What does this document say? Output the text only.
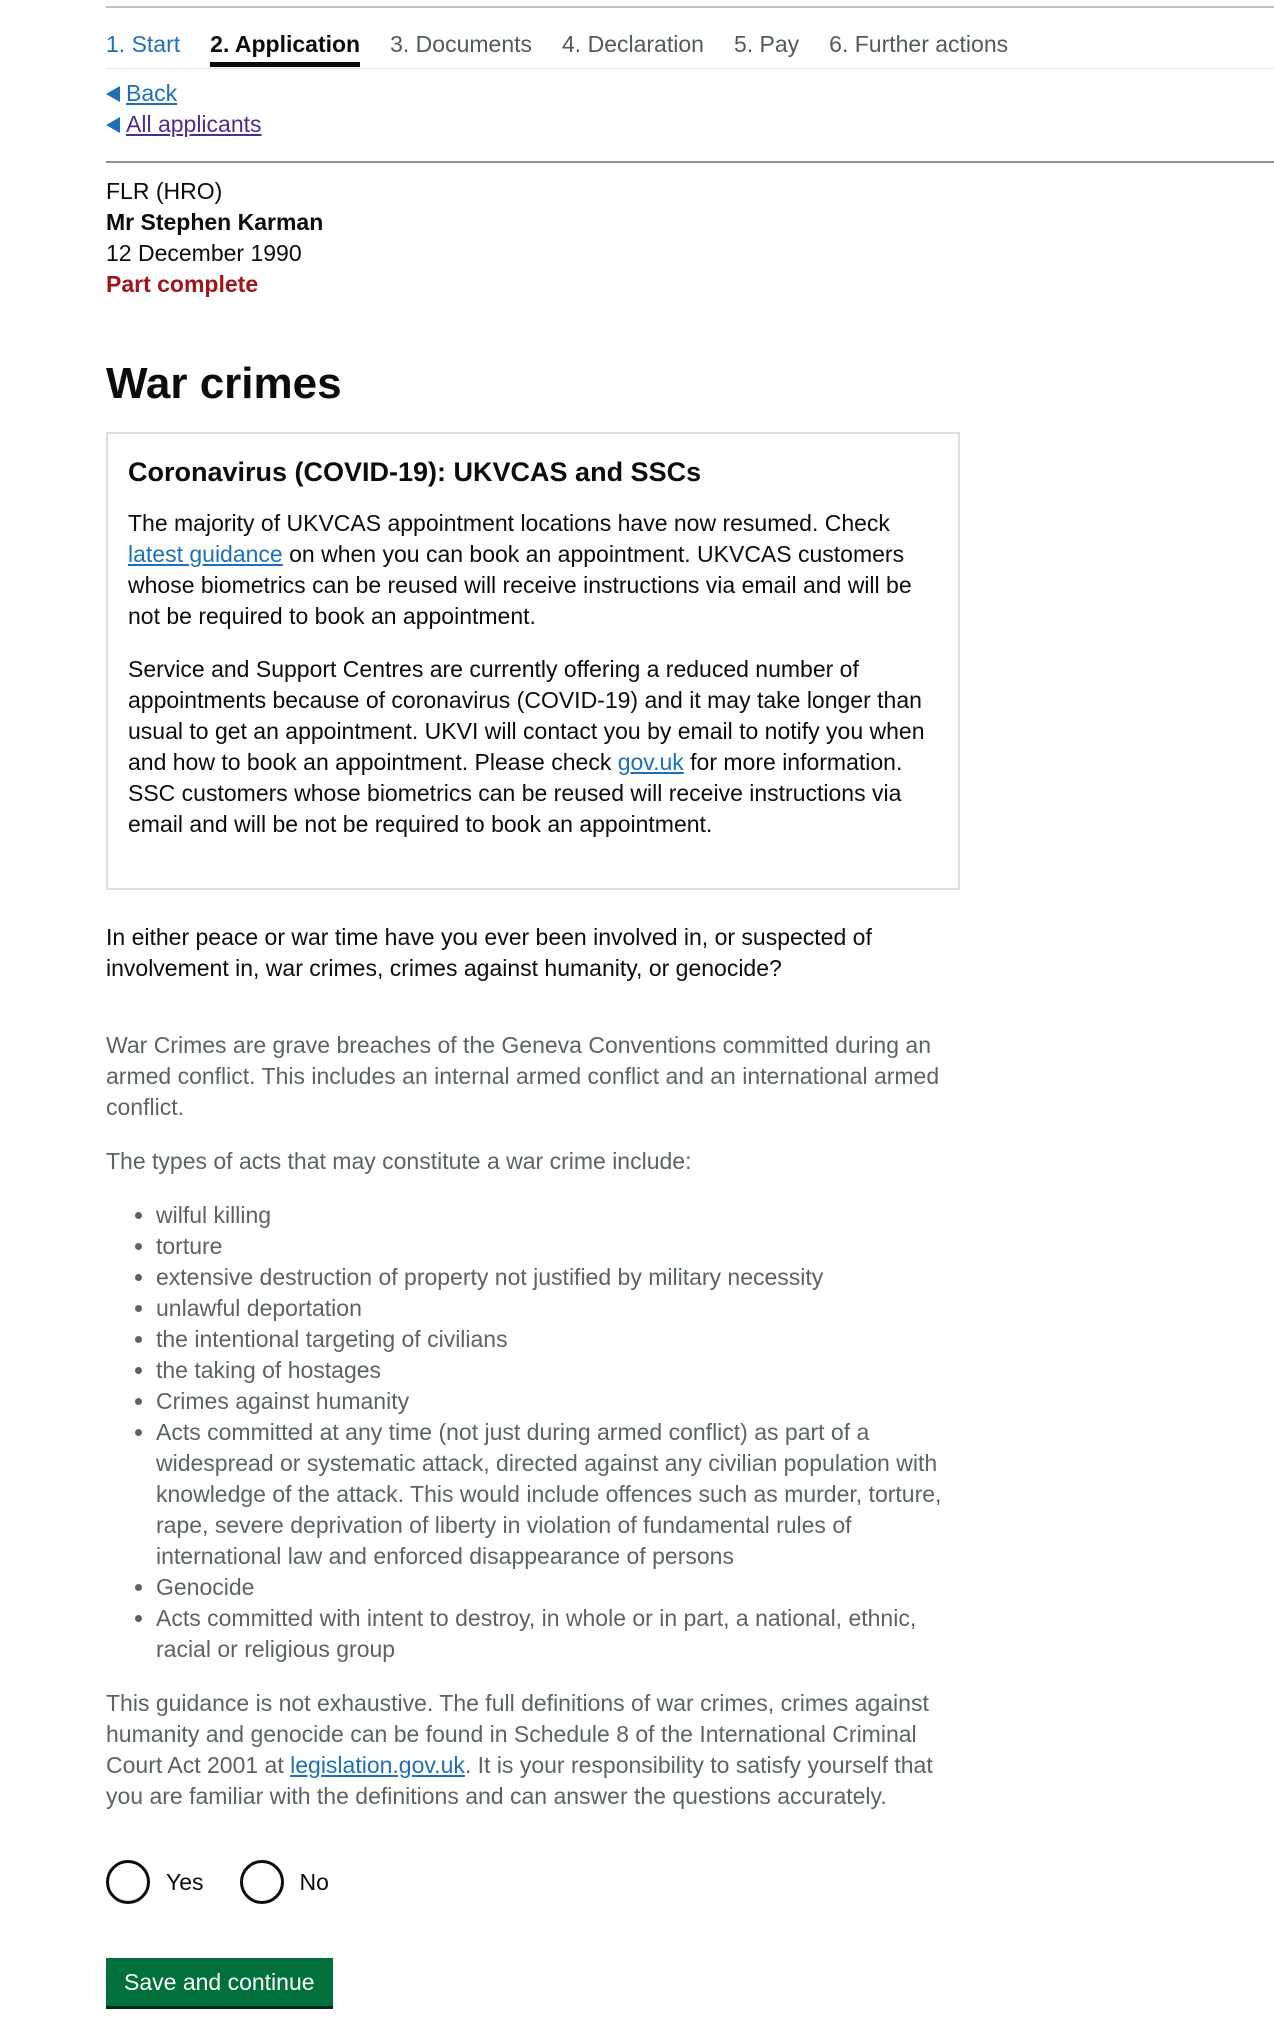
1. Start 2. Application 3. Documents 4. Declaration 5. Pay 6. Further actions
Back
All applicants
FLR (HRO)
Mr Stephen Karman
12 December 1990
Part complete
War crimes
Coronavirus (COVID-19): UKVCAS and SSCs

The majority of UKVCAS appointment locations have now resumed. Check latest guidance on when you can book an appointment. UKVCAS customers whose biometrics can be reused will receive instructions via email and will be not be required to book an appointment.

Service and Support Centres are currently offering a reduced number of appointments because of coronavirus (COVID-19) and it may take longer than usual to get an appointment. UKVI will contact you by email to notify you when and how to book an appointment. Please check gov.uk for more information. SSC customers whose biometrics can be reused will receive instructions via email and will be not be required to book an appointment.

In either peace or war time have you ever been involved in, or suspected of involvement in, war crimes, crimes against humanity, or genocide?

War Crimes are grave breaches of the Geneva Conventions committed during an armed conflict. This includes an internal armed conflict and an international armed conflict.

The types of acts that may constitute a war crime include:

• wilful killing
• torture
• extensive destruction of property not justified by military necessity
• unlawful deportation
• the intentional targeting of civilians
• the taking of hostages
• Crimes against humanity
• Acts committed at any time (not just during armed conflict) as part of a widespread or systematic attack, directed against any civilian population with knowledge of the attack. This would include offences such as murder, torture, rape, severe deprivation of liberty in violation of fundamental rules of international law and enforced disappearance of persons
• Genocide
• Acts committed with intent to destroy, in whole or in part, a national, ethnic, racial or religious group

This guidance is not exhaustive. The full definitions of war crimes, crimes against humanity and genocide can be found in Schedule 8 of the International Criminal Court Act 2001 at legislation.gov.uk. It is your responsibility to satisfy yourself that you are familiar with the definitions and can answer the questions accurately.

Yes	No
Save and continue
